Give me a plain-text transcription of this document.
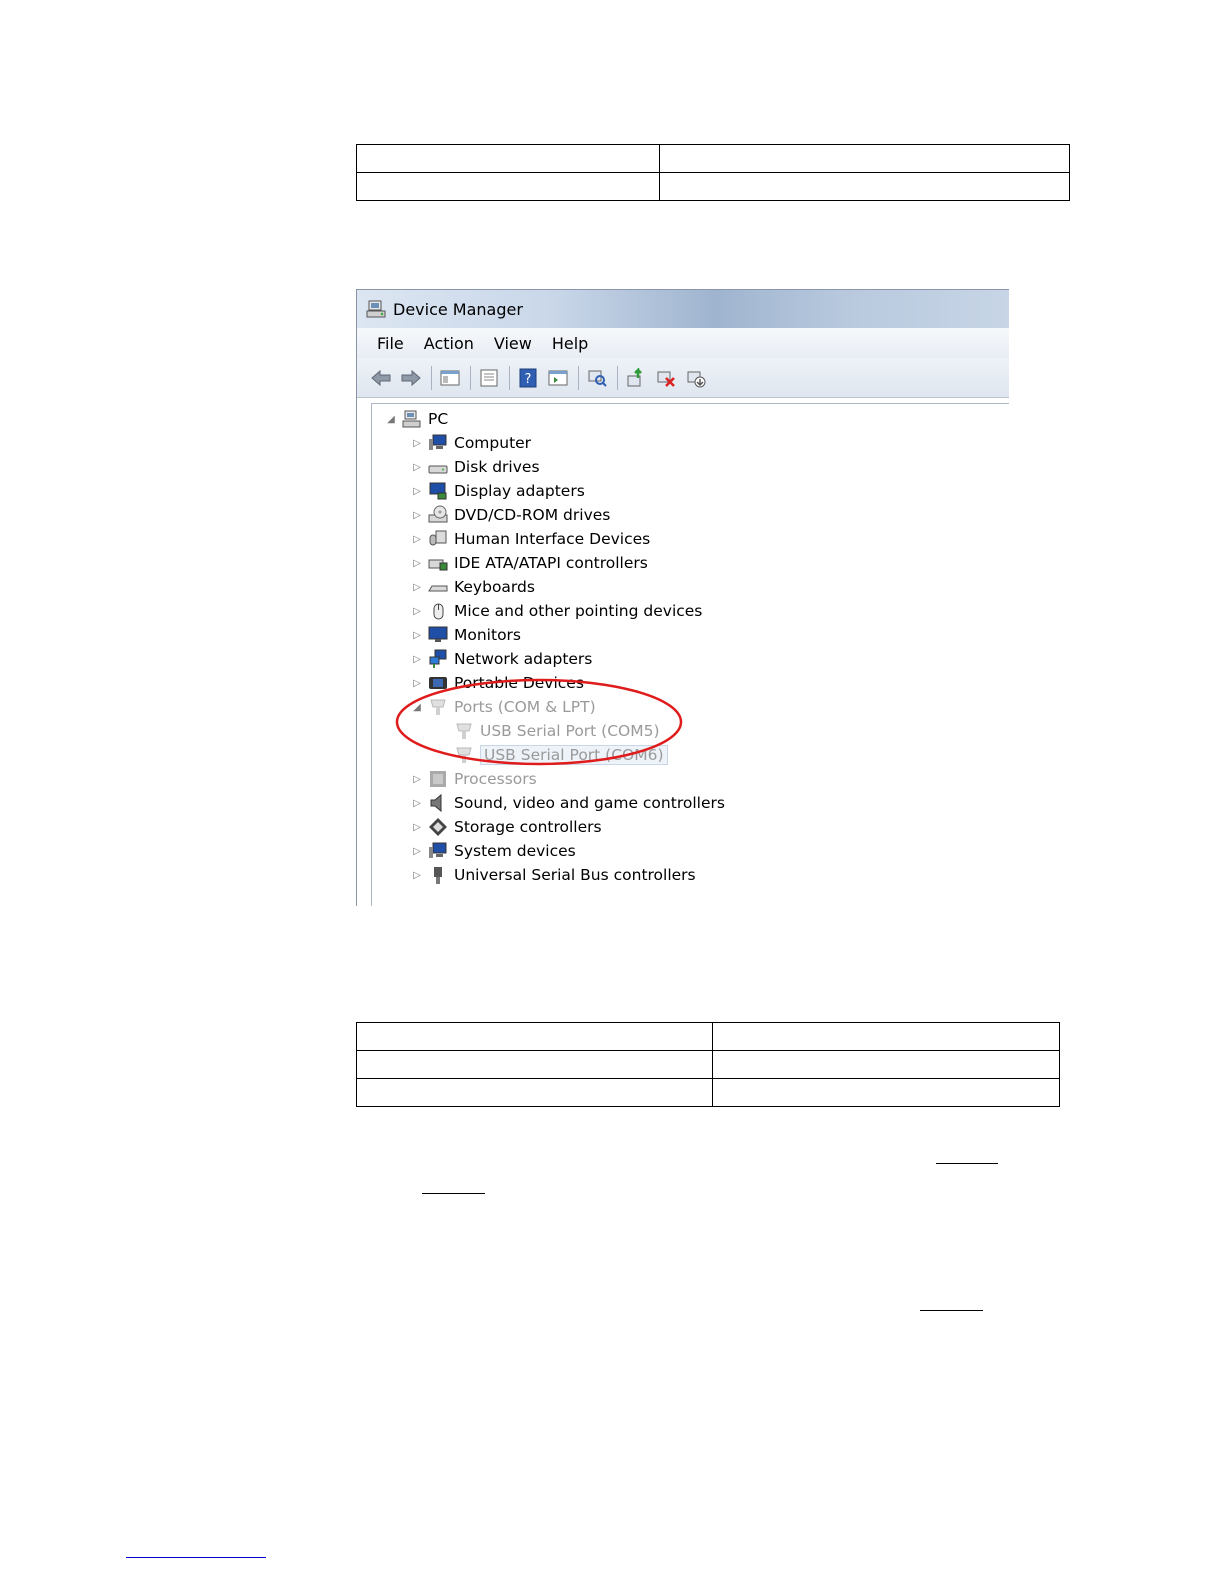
Device Manager
File Action View Help
?
◢ PC
▷ Computer
▷ Disk drives
▷ Display adapters
▷ DVD/CD-ROM drives
▷ Human Interface Devices
▷ IDE ATA/ATAPI controllers
▷ Keyboards
▷ Mice and other pointing devices
▷ Monitors
▷ Network adapters
▷ Portable Devices
◢ Ports (COM & LPT)
USB Serial Port (COM5)
USB Serial Port (COM6)
▷ Processors
▷ Sound, video and game controllers
▷ Storage controllers
▷ System devices
▷ Universal Serial Bus controllers
